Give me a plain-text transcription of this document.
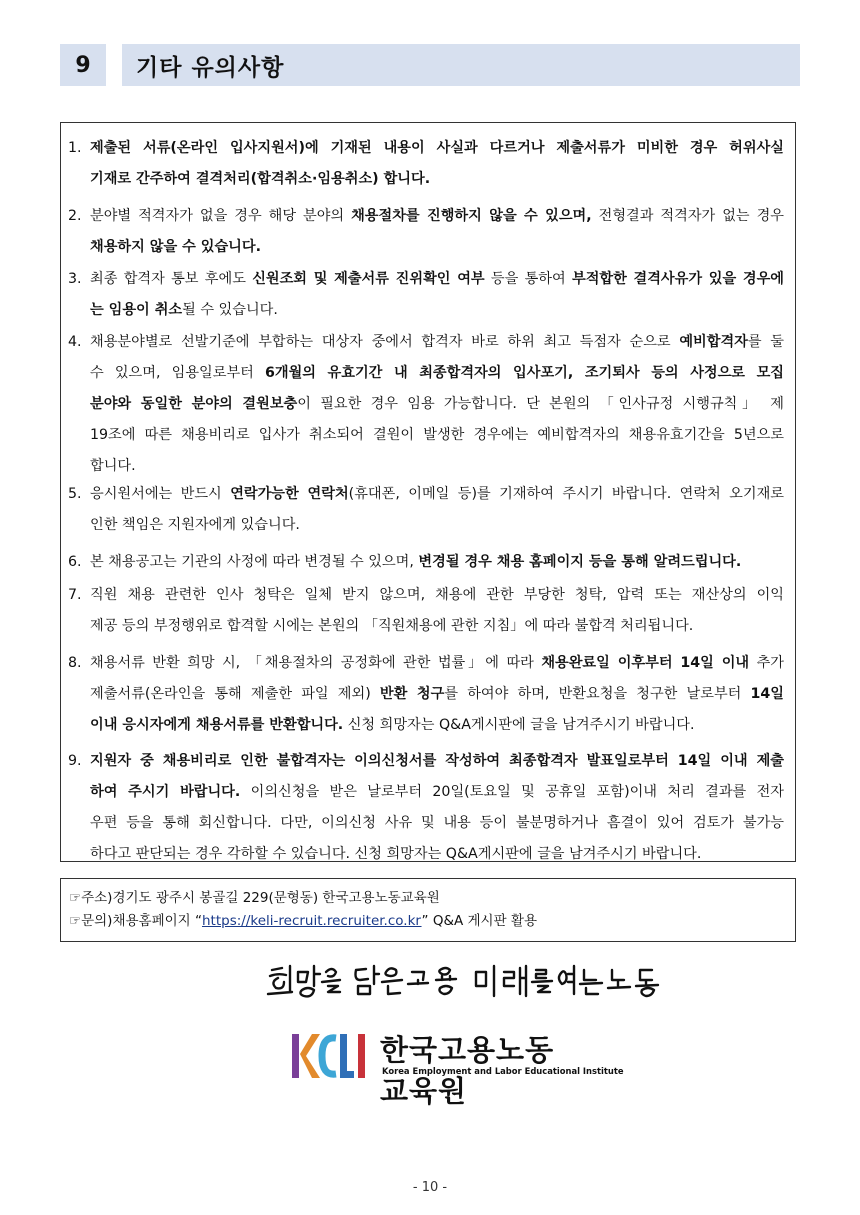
9	기타 유의사항
1. 제출된 서류(온라인 입사지원서)에 기재된 내용이 사실과 다르거나 제출서류가 미비한 경우 허위사실
기재로 간주하여 결격처리(합격취소·임용취소) 합니다.
2. 분야별 적격자가 없을 경우 해당 분야의 채용절차를 진행하지 않을 수 있으며, 전형결과 적격자가 없는 경우
채용하지 않을 수 있습니다.
3. 최종 합격자 통보 후에도 신원조회 및 제출서류 진위확인 여부 등을 통하여 부적합한 결격사유가 있을 경우에
는 임용이 취소될 수 있습니다.
4. 채용분야별로 선발기준에 부합하는 대상자 중에서 합격자 바로 하위 최고 득점자 순으로 예비합격자를 둘
수 있으며, 임용일로부터 6개월의 유효기간 내 최종합격자의 입사포기, 조기퇴사 등의 사정으로 모집
분야와 동일한 분야의 결원보충이 필요한 경우 임용 가능합니다. 단 본원의 「인사규정 시행규칙」 제
19조에 따른 채용비리로 입사가 취소되어 결원이 발생한 경우에는 예비합격자의 채용유효기간을 5년으로
합니다.
5. 응시원서에는 반드시 연락가능한 연락처(휴대폰, 이메일 등)를 기재하여 주시기 바랍니다. 연락처 오기재로
인한 책임은 지원자에게 있습니다.
6. 본 채용공고는 기관의 사정에 따라 변경될 수 있으며, 변경될 경우 채용 홈페이지 등을 통해 알려드립니다.
7. 직원 채용 관련한 인사 청탁은 일체 받지 않으며, 채용에 관한 부당한 청탁, 압력 또는 재산상의 이익
제공 등의 부정행위로 합격할 시에는 본원의 「직원채용에 관한 지침」에 따라 불합격 처리됩니다.
8. 채용서류 반환 희망 시, 「채용절차의 공정화에 관한 법률」에 따라 채용완료일 이후부터 14일 이내 추가
제출서류(온라인을 통해 제출한 파일 제외) 반환 청구를 하여야 하며, 반환요청을 청구한 날로부터 14일
이내 응시자에게 채용서류를 반환합니다. 신청 희망자는 Q&A게시판에 글을 남겨주시기 바랍니다.
9. 지원자 중 채용비리로 인한 불합격자는 이의신청서를 작성하여 최종합격자 발표일로부터 14일 이내 제출
하여 주시기 바랍니다. 이의신청을 받은 날로부터 20일(토요일 및 공휴일 포함)이내 처리 결과를 전자
우편 등을 통해 회신합니다. 다만, 이의신청 사유 및 내용 등이 불분명하거나 흠결이 있어 검토가 불가능
하다고 판단되는 경우 각하할 수 있습니다. 신청 희망자는 Q&A게시판에 글을 남겨주시기 바랍니다.
☞주소)경기도 광주시 봉골길 229(문형동) 한국고용노동교육원
☞문의)채용홈페이지 “https://keli-recruit.recruiter.co.kr” Q&A 게시판 활용
한국고용노동교육원
Korea Employment and Labor Educational Institute
- 10 -
